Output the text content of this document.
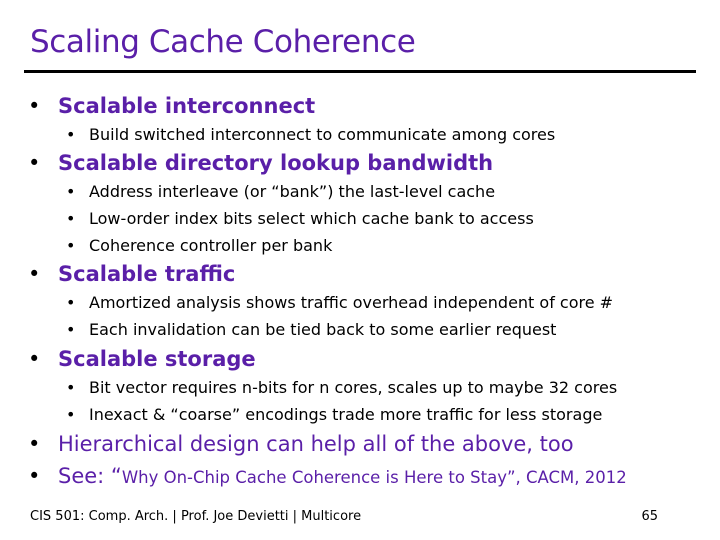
Scaling Cache Coherence
• Scalable interconnect
• Build switched interconnect to communicate among cores
• Scalable directory lookup bandwidth
• Address interleave (or “bank”) the last-level cache
• Low-order index bits select which cache bank to access
• Coherence controller per bank
• Scalable traffic
• Amortized analysis shows traffic overhead independent of core #
• Each invalidation can be tied back to some earlier request
• Scalable storage
• Bit vector requires n-bits for n cores, scales up to maybe 32 cores
• Inexact & “coarse” encodings trade more traffic for less storage
• Hierarchical design can help all of the above, too
• See: “Why On-Chip Cache Coherence is Here to Stay”, CACM, 2012
CIS 501: Comp. Arch. | Prof. Joe Devietti | Multicore	65
